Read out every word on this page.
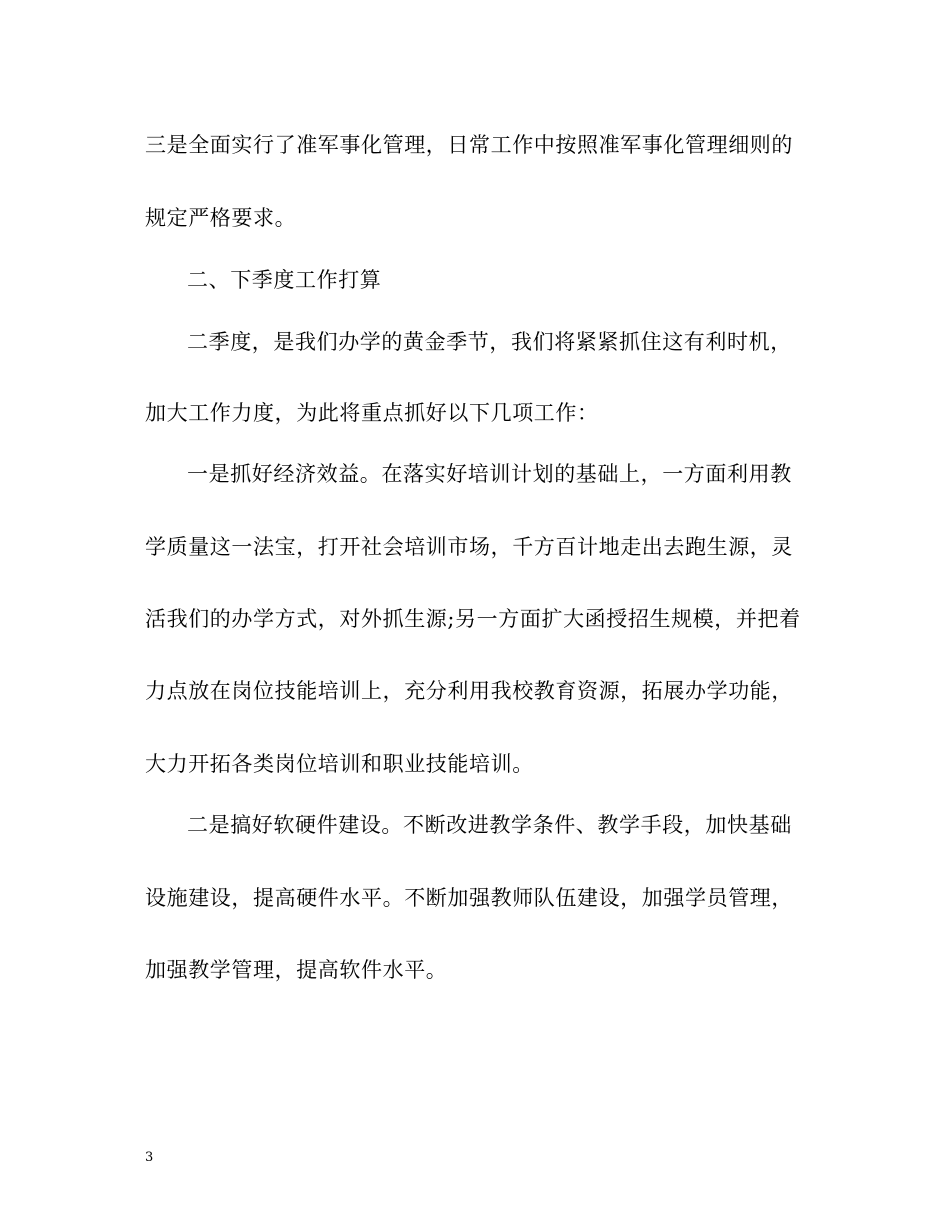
三是全面实行了准军事化管理，日常工作中按照准军事化管理细则的
规定严格要求。
二、下季度工作打算
二季度，是我们办学的黄金季节，我们将紧紧抓住这有利时机，
加大工作力度，为此将重点抓好以下几项工作：
一是抓好经济效益。在落实好培训计划的基础上，一方面利用教
学质量这一法宝，打开社会培训市场，千方百计地走出去跑生源，灵
活我们的办学方式，对外抓生源;另一方面扩大函授招生规模，并把着
力点放在岗位技能培训上，充分利用我校教育资源，拓展办学功能，
大力开拓各类岗位培训和职业技能培训。
二是搞好软硬件建设。不断改进教学条件、教学手段，加快基础
设施建设，提高硬件水平。不断加强教师队伍建设，加强学员管理，
加强教学管理，提高软件水平。
3
